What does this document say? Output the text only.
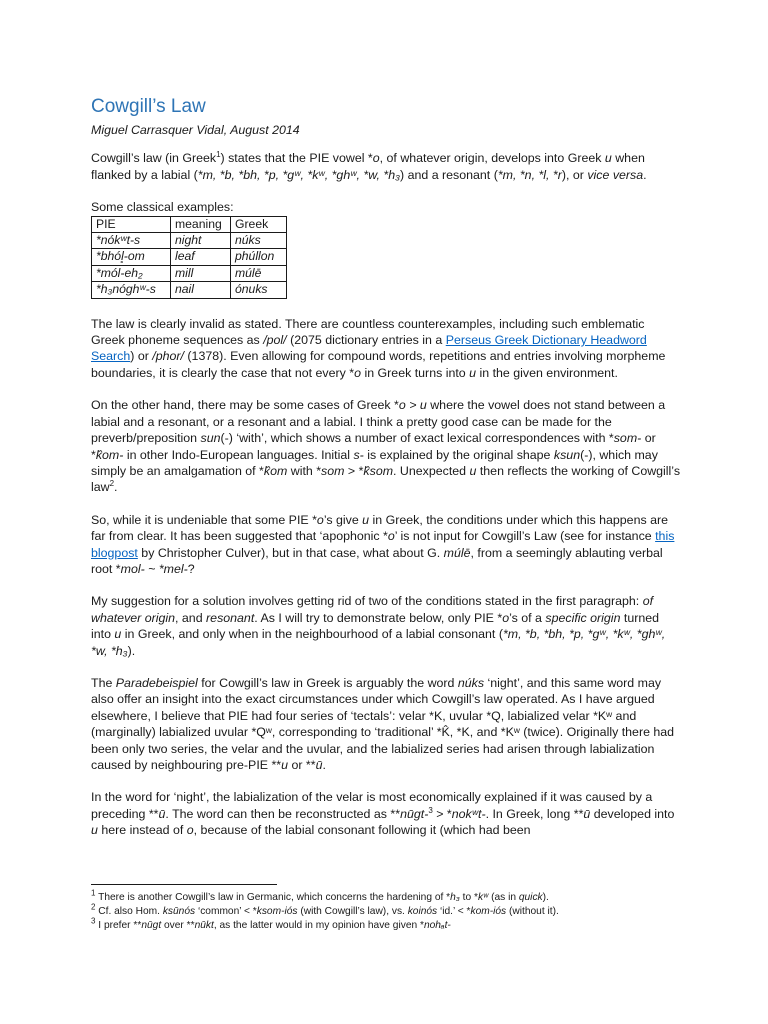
Cowgill’s Law
Miguel Carrasquer Vidal, August 2014

Cowgill’s law (in Greek$^1$) states that the PIE vowel *o, of whatever origin, develops into Greek u when flanked by a labial (*m, *b, *bh, *p, *gʷ, *kʷ, *ghʷ, *w, *h₃) and a resonant (*m, *n, *l, *r), or vice versa.

Some classical examples:
PIE	meaning	Greek
*nókʷt-s	night	núks
*bhól̥-om	leaf	phúllon
*mól-eh₂	mill	múlē
*h₃nóghʷ-s	nail	ónuks

The law is clearly invalid as stated. There are countless counterexamples, including such emblematic Greek phoneme sequences as /pol/ (2075 dictionary entries in a Perseus Greek Dictionary Headword Search) or /phor/ (1378). Even allowing for compound words, repetitions and entries involving morpheme boundaries, it is clearly the case that not every *o in Greek turns into u in the given environment.

On the other hand, there may be some cases of Greek *o > u where the vowel does not stand between a labial and a resonant, or a resonant and a labial. I think a pretty good case can be made for the preverb/preposition sun(-) ‘with’, which shows a number of exact lexical correspondences with *som- or *k̂om- in other Indo-European languages. Initial s- is explained by the original shape ksun(-), which may simply be an amalgamation of *k̂om with *som > *k̂som. Unexpected u then reflects the working of Cowgill’s law$^2$.

So, while it is undeniable that some PIE *o’s give u in Greek, the conditions under which this happens are far from clear. It has been suggested that ‘apophonic *o’ is not input for Cowgill’s Law (see for instance this blogpost by Christopher Culver), but in that case, what about G. múlē, from a seemingly ablauting verbal root *mol- ~ *mel-?

My suggestion for a solution involves getting rid of two of the conditions stated in the first paragraph: of whatever origin, and resonant. As I will try to demonstrate below, only PIE *o’s of a specific origin turned into u in Greek, and only when in the neighbourhood of a labial consonant (*m, *b, *bh, *p, *gʷ, *kʷ, *ghʷ, *w, *h₃).

The Paradebeispiel for Cowgill’s law in Greek is arguably the word núks ‘night’, and this same word may also offer an insight into the exact circumstances under which Cowgill’s law operated. As I have argued elsewhere, I believe that PIE had four series of ‘tectals’: velar *K, uvular *Q, labialized velar *Kʷ and (marginally) labialized uvular *Qʷ, corresponding to ‘traditional’ *K̂, *K, and *Kʷ (twice). Originally there had been only two series, the velar and the uvular, and the labialized series had arisen through labialization caused by neighbouring pre-PIE **u or **ū.

In the word for ‘night’, the labialization of the velar is most economically explained if it was caused by a preceding **ū. The word can then be reconstructed as **nūgt-$^3$ > *nokʷt-. In Greek, long **ū developed into u here instead of o, because of the labial consonant following it (which had been

$^1$ There is another Cowgill’s law in Germanic, which concerns the hardening of *h₃ to *kʷ (as in quick).
$^2$ Cf. also Hom. ksūnós ‘common’ < *ksom-iós (with Cowgill’s law), vs. koinós ‘id.’ < *kom-iós (without it).
$^3$ I prefer **nūgt over **nūkt, as the latter would in my opinion have given *nohₐt-
